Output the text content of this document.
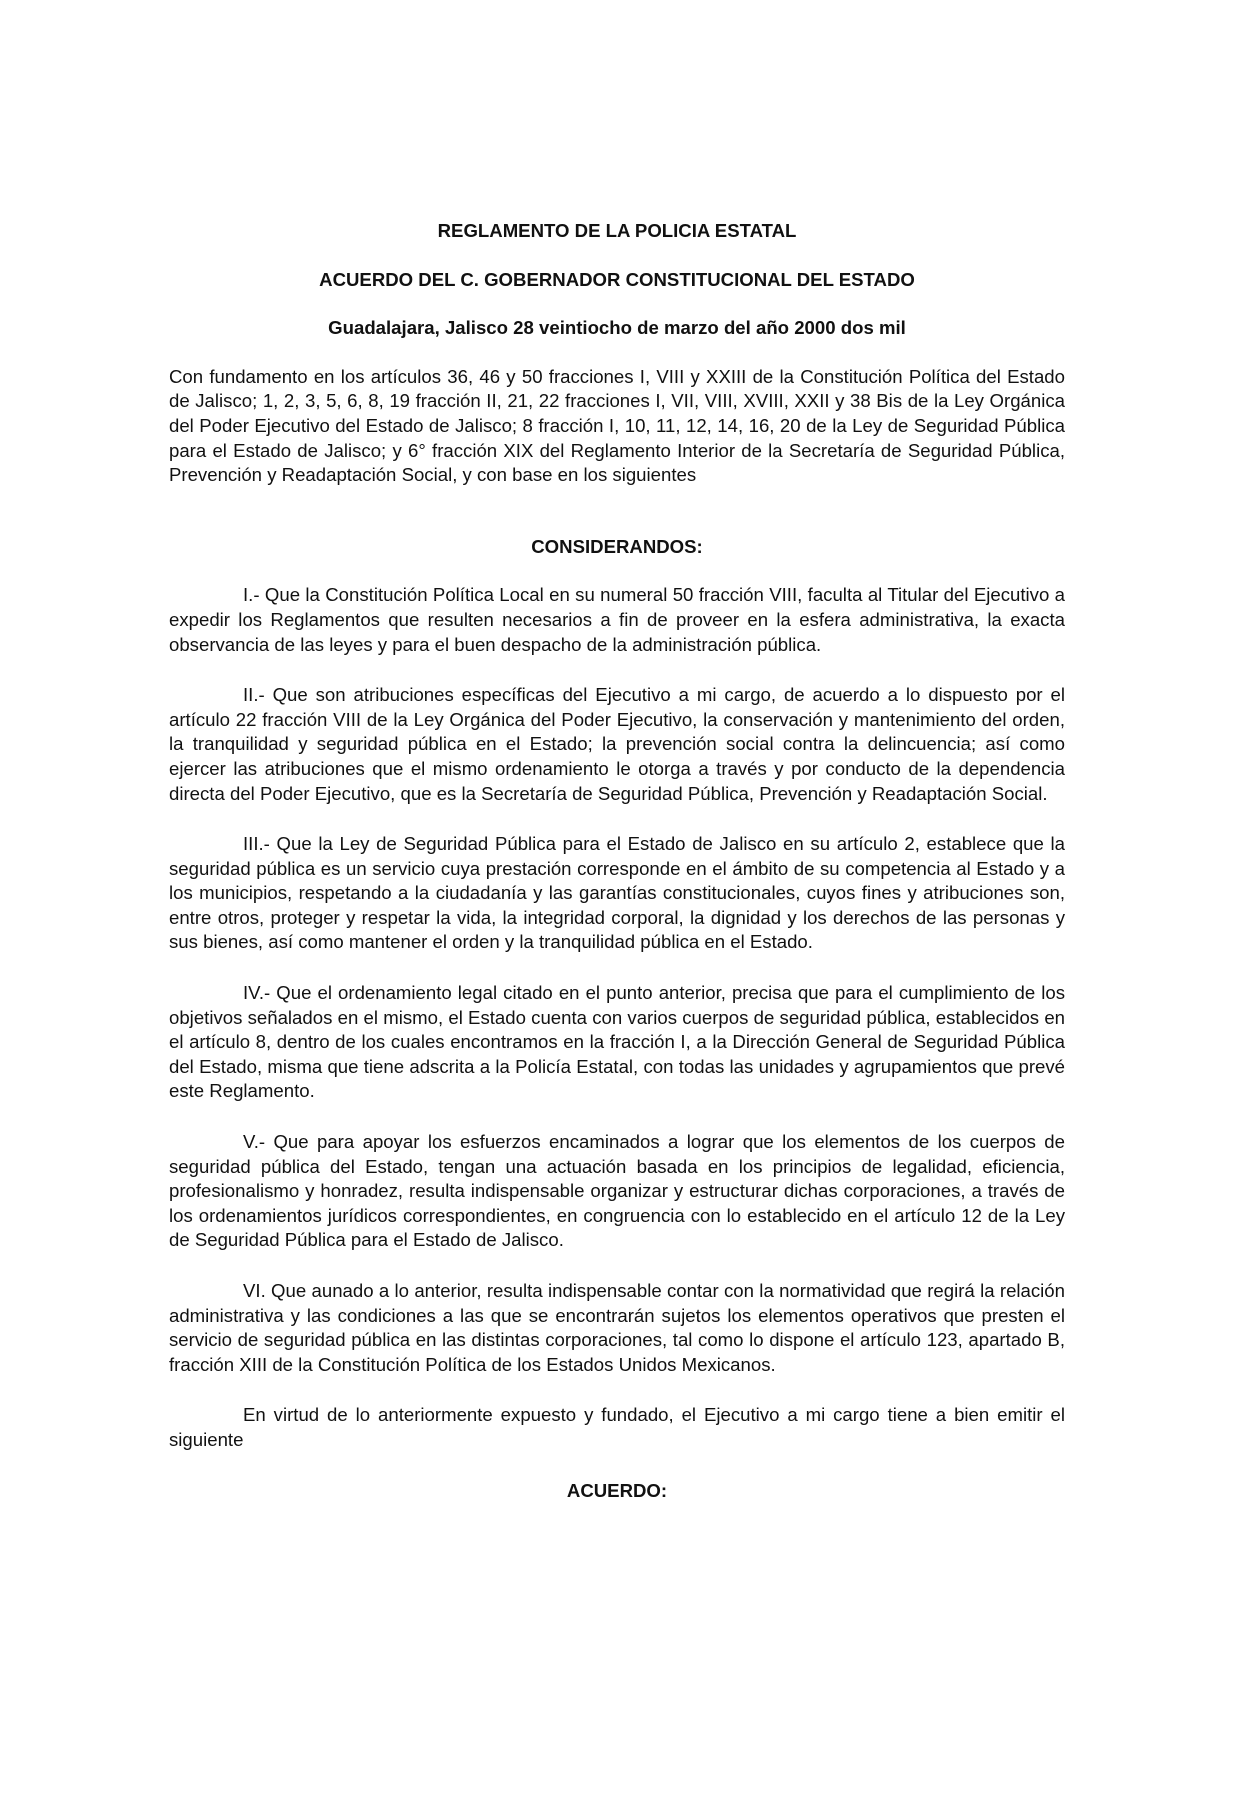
REGLAMENTO DE LA POLICIA ESTATAL

ACUERDO DEL C. GOBERNADOR CONSTITUCIONAL DEL ESTADO

Guadalajara, Jalisco 28 veintiocho de marzo del año 2000 dos mil

Con fundamento en los artículos 36, 46 y 50 fracciones I, VIII y XXIII de la Constitución Política del Estado de Jalisco; 1, 2, 3, 5, 6, 8, 19 fracción II, 21, 22 fracciones I, VII, VIII, XVIII, XXII y 38 Bis de la Ley Orgánica del Poder Ejecutivo del Estado de Jalisco; 8 fracción I, 10, 11, 12, 14, 16, 20 de la Ley de Seguridad Pública para el Estado de Jalisco; y 6° fracción XIX del Reglamento Interior de la Secretaría de Seguridad Pública, Prevención y Readaptación Social, y con base en los siguientes

CONSIDERANDOS:

I.- Que la Constitución Política Local en su numeral 50 fracción VIII, faculta al Titular del Ejecutivo a expedir los Reglamentos que resulten necesarios a fin de proveer en la esfera administrativa, la exacta observancia de las leyes y para el buen despacho de la administración pública.

II.- Que son atribuciones específicas del Ejecutivo a mi cargo, de acuerdo a lo dispuesto por el artículo 22 fracción VIII de la Ley Orgánica del Poder Ejecutivo, la conservación y mantenimiento del orden, la tranquilidad y seguridad pública en el Estado; la prevención social contra la delincuencia; así como ejercer las atribuciones que el mismo ordenamiento le otorga a través y por conducto de la dependencia directa del Poder Ejecutivo, que es la Secretaría de Seguridad Pública, Prevención y Readaptación Social.

III.- Que la Ley de Seguridad Pública para el Estado de Jalisco en su artículo 2, establece que la seguridad pública es un servicio cuya prestación corresponde en el ámbito de su competencia al Estado y a los municipios, respetando a la ciudadanía y las garantías constitucionales, cuyos fines y atribuciones son, entre otros, proteger y respetar la vida, la integridad corporal, la dignidad y los derechos de las personas y sus bienes, así como mantener el orden y la tranquilidad pública en el Estado.

IV.- Que el ordenamiento legal citado en el punto anterior, precisa que para el cumplimiento de los objetivos señalados en el mismo, el Estado cuenta con varios cuerpos de seguridad pública, establecidos en el artículo 8, dentro de los cuales encontramos en la fracción I, a la Dirección General de Seguridad Pública del Estado, misma que tiene adscrita a la Policía Estatal, con todas las unidades y agrupamientos que prevé este Reglamento.

V.- Que para apoyar los esfuerzos encaminados a lograr que los elementos de los cuerpos de seguridad pública del Estado, tengan una actuación basada en los principios de legalidad, eficiencia, profesionalismo y honradez, resulta indispensable organizar y estructurar dichas corporaciones, a través de los ordenamientos jurídicos correspondientes, en congruencia con lo establecido en el artículo 12 de la Ley de Seguridad Pública para el Estado de Jalisco.

VI. Que aunado a lo anterior, resulta indispensable contar con la normatividad que regirá la relación administrativa y las condiciones a las que se encontrarán sujetos los elementos operativos que presten el servicio de seguridad pública en las distintas corporaciones, tal como lo dispone el artículo 123, apartado B, fracción XIII de la Constitución Política de los Estados Unidos Mexicanos.

En virtud de lo anteriormente expuesto y fundado, el Ejecutivo a mi cargo tiene a bien emitir el siguiente

ACUERDO:
